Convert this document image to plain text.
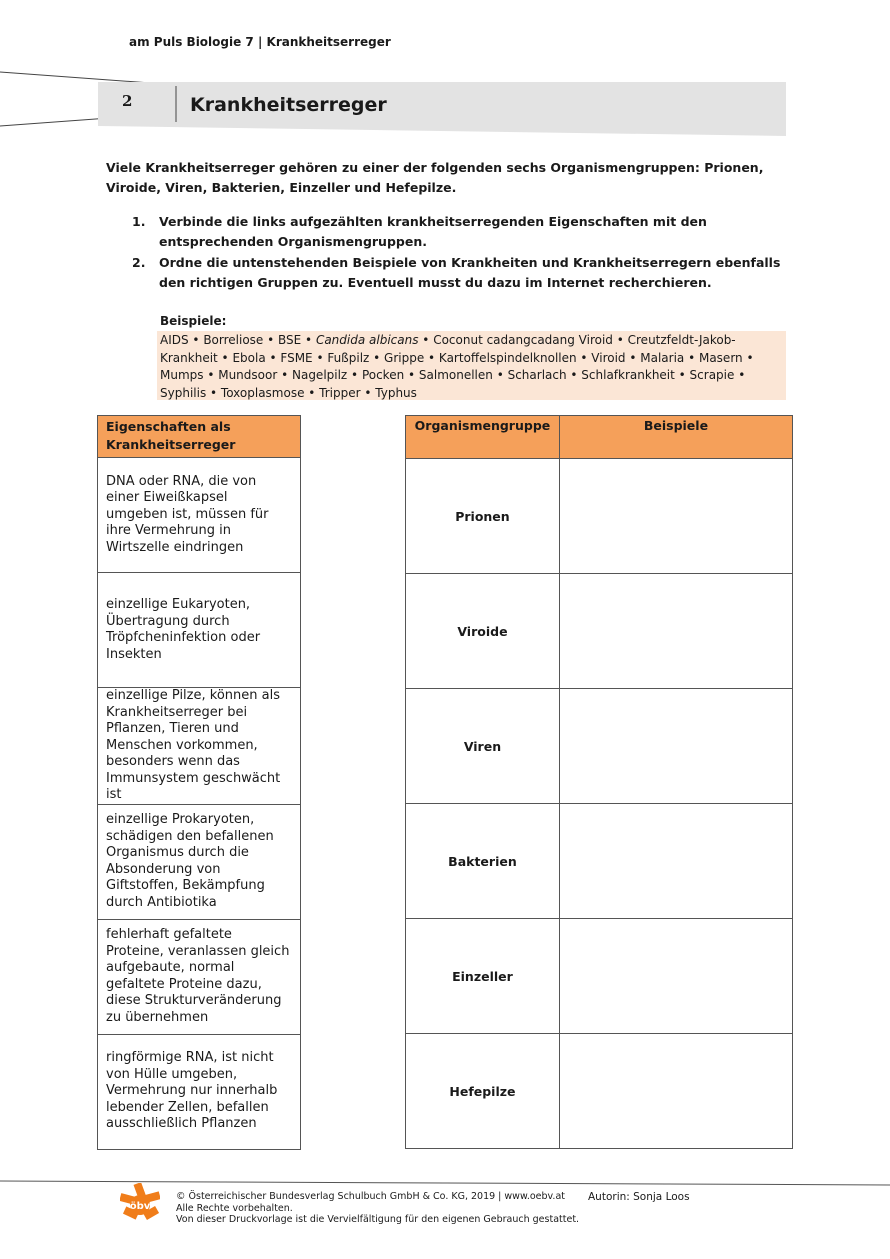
am Puls Biologie 7 | Krankheitserreger
2	Krankheitserreger
Viele Krankheitserreger gehören zu einer der folgenden sechs Organismengruppen: Prionen, Viroide, Viren, Bakterien, Einzeller und Hefepilze.
1. Verbinde die links aufgezählten krankheitserregenden Eigenschaften mit den entsprechenden Organismengruppen.
2. Ordne die untenstehenden Beispiele von Krankheiten und Krankheitserregern ebenfalls den richtigen Gruppen zu. Eventuell musst du dazu im Internet recherchieren.
Beispiele:
AIDS • Borreliose • BSE • Candida albicans • Coconut cadangcadang Viroid • Creutzfeldt-Jakob-Krankheit • Ebola • FSME • Fußpilz • Grippe • Kartoffelspindelknollen • Viroid • Malaria • Masern • Mumps • Mundsoor • Nagelpilz • Pocken • Salmonellen • Scharlach • Schlafkrankheit • Scrapie • Syphilis • Toxoplasmose • Tripper • Typhus
Eigenschaften als Krankheitserreger
DNA oder RNA, die von einer Eiweißkapsel umgeben ist, müssen für ihre Vermehrung in Wirtszelle eindringen
einzellige Eukaryoten, Übertragung durch Tröpfcheninfektion oder Insekten
einzellige Pilze, können als Krankheitserreger bei Pflanzen, Tieren und Menschen vorkommen, besonders wenn das Immunsystem geschwächt ist
einzellige Prokaryoten, schädigen den befallenen Organismus durch die Absonderung von Giftstoffen, Bekämpfung durch Antibiotika
fehlerhaft gefaltete Proteine, veranlassen gleich aufgebaute, normal gefaltete Proteine dazu, diese Strukturveränderung zu übernehmen
ringförmige RNA, ist nicht von Hülle umgeben, Vermehrung nur innerhalb lebender Zellen, befallen ausschließlich Pflanzen
Organismengruppe	Beispiele
Prionen	
Viroide	
Viren	
Bakterien	
Einzeller	
Hefepilze	
öbv
© Österreichischer Bundesverlag Schulbuch GmbH & Co. KG, 2019 | www.oebv.at
Alle Rechte vorbehalten.
Von dieser Druckvorlage ist die Vervielfältigung für den eigenen Gebrauch gestattet.
Autorin: Sonja Loos
